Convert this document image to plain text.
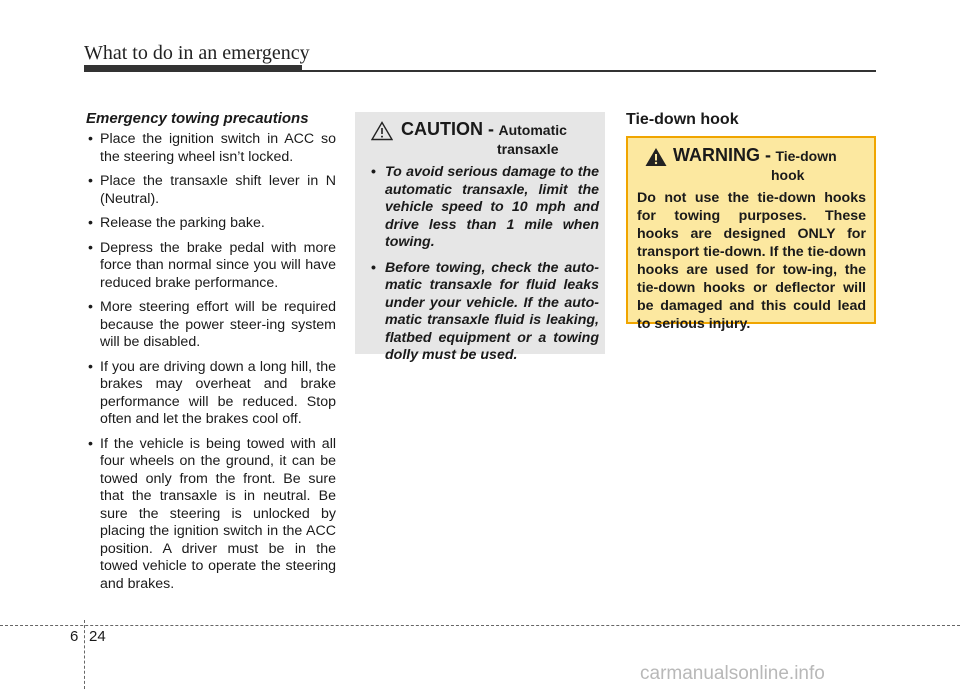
What to do in an emergency
Emergency towing precautions
• Place the ignition switch in ACC so the steering wheel isn’t locked.
• Place the transaxle shift lever in N (Neutral).
• Release the parking bake.
• Depress the brake pedal with more force than normal since you will have reduced brake performance.
• More steering effort will be required because the power steer-ing system will be disabled.
• If you are driving down a long hill, the brakes may overheat and brake performance will be reduced. Stop often and let the brakes cool off.
• If the vehicle is being towed with all four wheels on the ground, it can be towed only from the front. Be sure that the transaxle is in neutral. Be sure the steering is unlocked by placing the ignition switch in the ACC position. A driver must be in the towed vehicle to operate the steering and brakes.
CAUTION - Automatic
transaxle
• To avoid serious damage to the automatic transaxle, limit the vehicle speed to 10 mph and drive less than 1 mile when towing.
• Before towing, check the auto-matic transaxle for fluid leaks under your vehicle. If the auto-matic transaxle fluid is leaking, flatbed equipment or a towing dolly must be used.
Tie-down hook
WARNING - Tie-down
hook

Do not use the tie-down hooks for towing purposes. These hooks are designed ONLY for transport tie-down. If the tie-down hooks are used for tow-ing, the tie-down hooks or deflector will be damaged and this could lead to serious injury.

6 24
carmanualsonline.info
